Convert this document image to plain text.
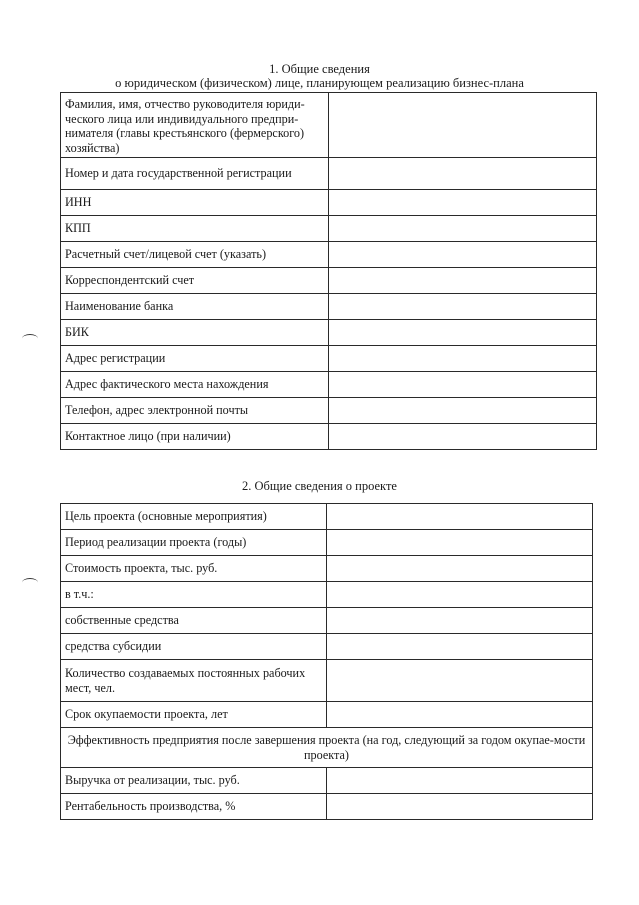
1. Общие сведения
о юридическом (физическом) лице, планирующем реализацию бизнес-плана
Фамилия, имя, отчество руководителя юриди-ческого лица или индивидуального предпри-нимателя (главы крестьянского (фермерского) хозяйства)	
Номер и дата государственной регистрации	
ИНН	
КПП	
Расчетный счет/лицевой счет (указать)	
Корреспондентский счет	
Наименование банка	
БИК	
Адрес регистрации	
Адрес фактического места нахождения	
Телефон, адрес электронной почты	
Контактное лицо (при наличии)	
2. Общие сведения о проекте
Цель проекта (основные мероприятия)	
Период реализации проекта (годы)	
Стоимость проекта, тыс. руб.	
в т.ч.:	
собственные средства	
средства субсидии	
Количество создаваемых постоянных рабочих мест, чел.	
Срок окупаемости проекта, лет	
Эффективность предприятия после завершения проекта (на год, следующий за годом окупае-мости проекта)	
Выручка от реализации, тыс. руб.	
Рентабельность производства, %	
